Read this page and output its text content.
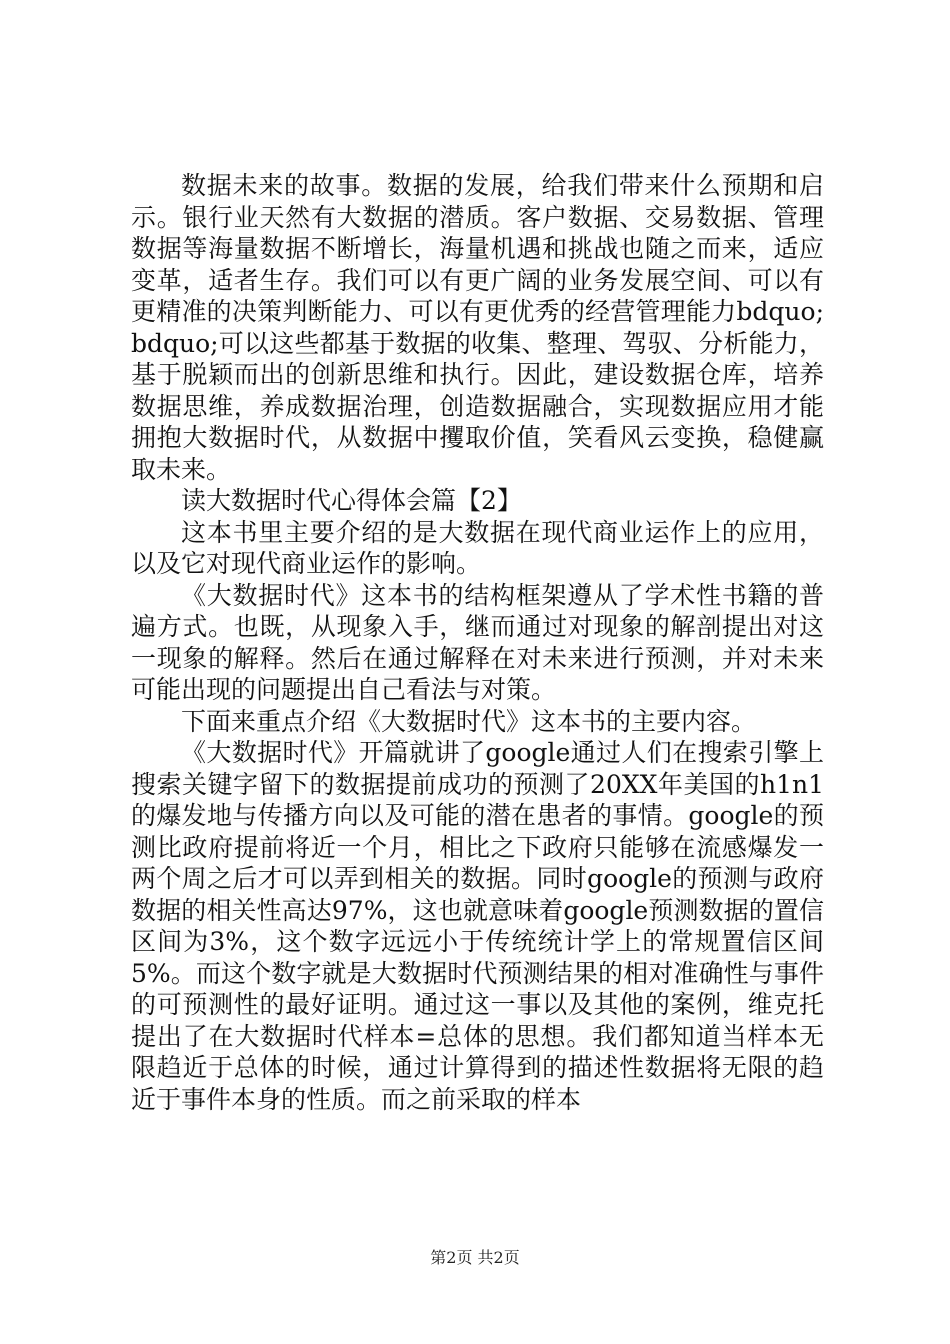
数据未来的故事。数据的发展，给我们带来什么预期和启示。银行业天然有大数据的潜质。客户数据、交易数据、管理数据等海量数据不断增长，海量机遇和挑战也随之而来，适应变革，适者生存。我们可以有更广阔的业务发展空间、可以有更精准的决策判断能力、可以有更优秀的经营管理能力bdquo;bdquo;可以这些都基于数据的收集、整理、驾驭、分析能力，基于脱颖而出的创新思维和执行。因此，建设数据仓库，培养数据思维，养成数据治理，创造数据融合，实现数据应用才能拥抱大数据时代，从数据中攫取价值，笑看风云变换，稳健赢取未来。

读大数据时代心得体会篇【2】

这本书里主要介绍的是大数据在现代商业运作上的应用，以及它对现代商业运作的影响。

《大数据时代》这本书的结构框架遵从了学术性书籍的普遍方式。也既，从现象入手，继而通过对现象的解剖提出对这一现象的解释。然后在通过解释在对未来进行预测，并对未来可能出现的问题提出自己看法与对策。

下面来重点介绍《大数据时代》这本书的主要内容。

《大数据时代》开篇就讲了google通过人们在搜索引擎上搜索关键字留下的数据提前成功的预测了20XX年美国的h1n1的爆发地与传播方向以及可能的潜在患者的事情。google的预测比政府提前将近一个月，相比之下政府只能够在流感爆发一两个周之后才可以弄到相关的数据。同时google的预测与政府数据的相关性高达97%，这也就意味着google预测数据的置信区间为3%，这个数字远远小于传统统计学上的常规置信区间5%。而这个数字就是大数据时代预测结果的相对准确性与事件的可预测性的最好证明。通过这一事以及其他的案例，维克托提出了在大数据时代样本=总体的思想。我们都知道当样本无限趋近于总体的时候，通过计算得到的描述性数据将无限的趋近于事件本身的性质。而之前采取的样本

第2页 共2页
